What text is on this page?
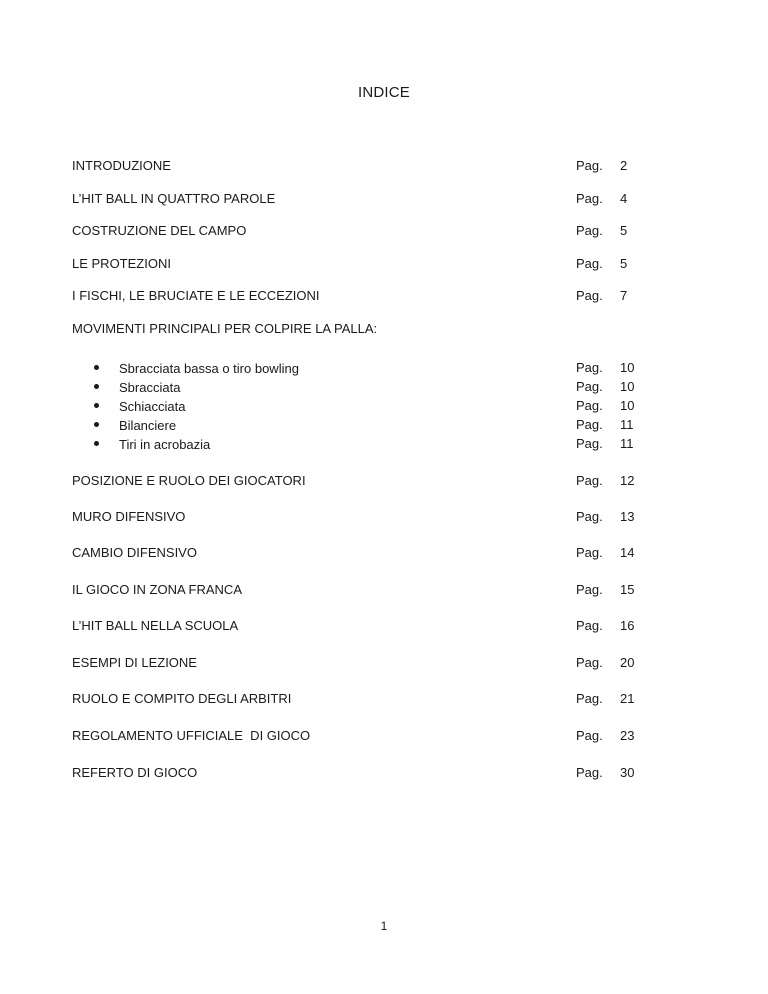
INDICE
INTRODUZIONE	Pag.	2
L’HIT BALL IN QUATTRO PAROLE	Pag.	4
COSTRUZIONE DEL CAMPO	Pag.	5
LE PROTEZIONI	Pag.	5
I FISCHI, LE BRUCIATE E LE ECCEZIONI	Pag.	7
MOVIMENTI PRINCIPALI PER COLPIRE LA PALLA:
Sbracciata bassa o tiro bowling	Pag.	10
Sbracciata	Pag.	10
Schiacciata	Pag.	10
Bilanciere	Pag.	11
Tiri in acrobazia	Pag.	11
POSIZIONE E RUOLO DEI GIOCATORI	Pag.	12
MURO DIFENSIVO	Pag.	13
CAMBIO DIFENSIVO	Pag.	14
IL GIOCO IN ZONA FRANCA	Pag.	15
L’HIT BALL NELLA SCUOLA	Pag.	16
ESEMPI DI LEZIONE	Pag.	20
RUOLO E COMPITO DEGLI ARBITRI	Pag.	21
REGOLAMENTO UFFICIALE  DI GIOCO	Pag.	23
REFERTO DI GIOCO	Pag.	30
1
